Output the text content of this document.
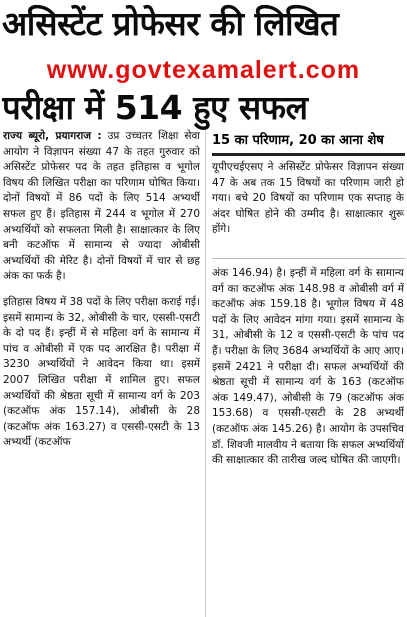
असिस्टेंट प्रोफेसर की लिखित
www.govtexamalert.com
परीक्षा में 514 हुए सफल

राज्य ब्यूरो, प्रयागराज : उप्र उच्चतर शिक्षा सेवा आयोग ने विज्ञापन संख्या 47 के तहत गुरुवार को असिस्टेंट प्रोफेसर पद के तहत इतिहास व भूगोल विषय की लिखित परीक्षा का परिणाम घोषित किया। दोनों विषयों में 86 पदों के लिए 514 अभ्यर्थी सफल हुए हैं। इतिहास में 244 व भूगोल में 270 अभ्यर्थियों को सफलता मिली है। साक्षात्कार के लिए बनी कटऑफ में सामान्य से ज्यादा ओबीसी अभ्यर्थियों की मेरिट है। दोनों विषयों में चार से छह अंक का फर्क है।

इतिहास विषय में 38 पदों के लिए परीक्षा कराई गई। इसमें सामान्य के 32, ओबीसी के चार, एससी-एसटी के दो पद हैं। इन्हीं में से महिला वर्ग के सामान्य में पांच व ओबीसी में एक पद आरक्षित है। परीक्षा में 3230 अभ्यर्थियों ने आवेदन किया था। इसमें 2007 लिखित परीक्षा में शामिल हुए। सफल अभ्यर्थियों की श्रेष्ठता सूची में सामान्य वर्ग के 203 (कटऑफ अंक 157.14), ओबीसी के 28 (कटऑफ अंक 163.27) व एससी-एसटी के 13 अभ्यर्थी (कटऑफ

15 का परिणाम, 20 का आना शेष

यूपीएचईएसए ने असिस्टेंट प्रोफेसर विज्ञापन संख्या 47 के अब तक 15 विषयों का परिणाम जारी हो गया। बचे 20 विषयों का परिणाम एक सप्ताह के अंदर घोषित होने की उम्मीद है। साक्षात्कार शुरू होंगे।

अंक 146.94) है। इन्हीं में महिला वर्ग के सामान्य वर्ग का कटऑफ अंक 148.98 व ओबीसी वर्ग में कटऑफ अंक 159.18 है। भूगोल विषय में 48 पदों के लिए आवेदन मांगा गया। इसमें सामान्य के 31, ओबीसी के 12 व एससी-एसटी के पांच पद हैं। परीक्षा के लिए 3684 अभ्यर्थियों के आए आए। इसमें 2421 ने परीक्षा दी। सफल अभ्यर्थियों की श्रेष्ठता सूची में सामान्य वर्ग के 163 (कटऑफ अंक 149.47), ओबीसी के 79 (कटऑफ अंक 153.68) व एससी-एसटी के 28 अभ्यर्थी (कटऑफ अंक 145.26) है। आयोग के उपसचिव डॉ. शिवजी मालवीय ने बताया कि सफल अभ्यर्थियों की साक्षात्कार की तारीख जल्द घोषित की जाएगी।
